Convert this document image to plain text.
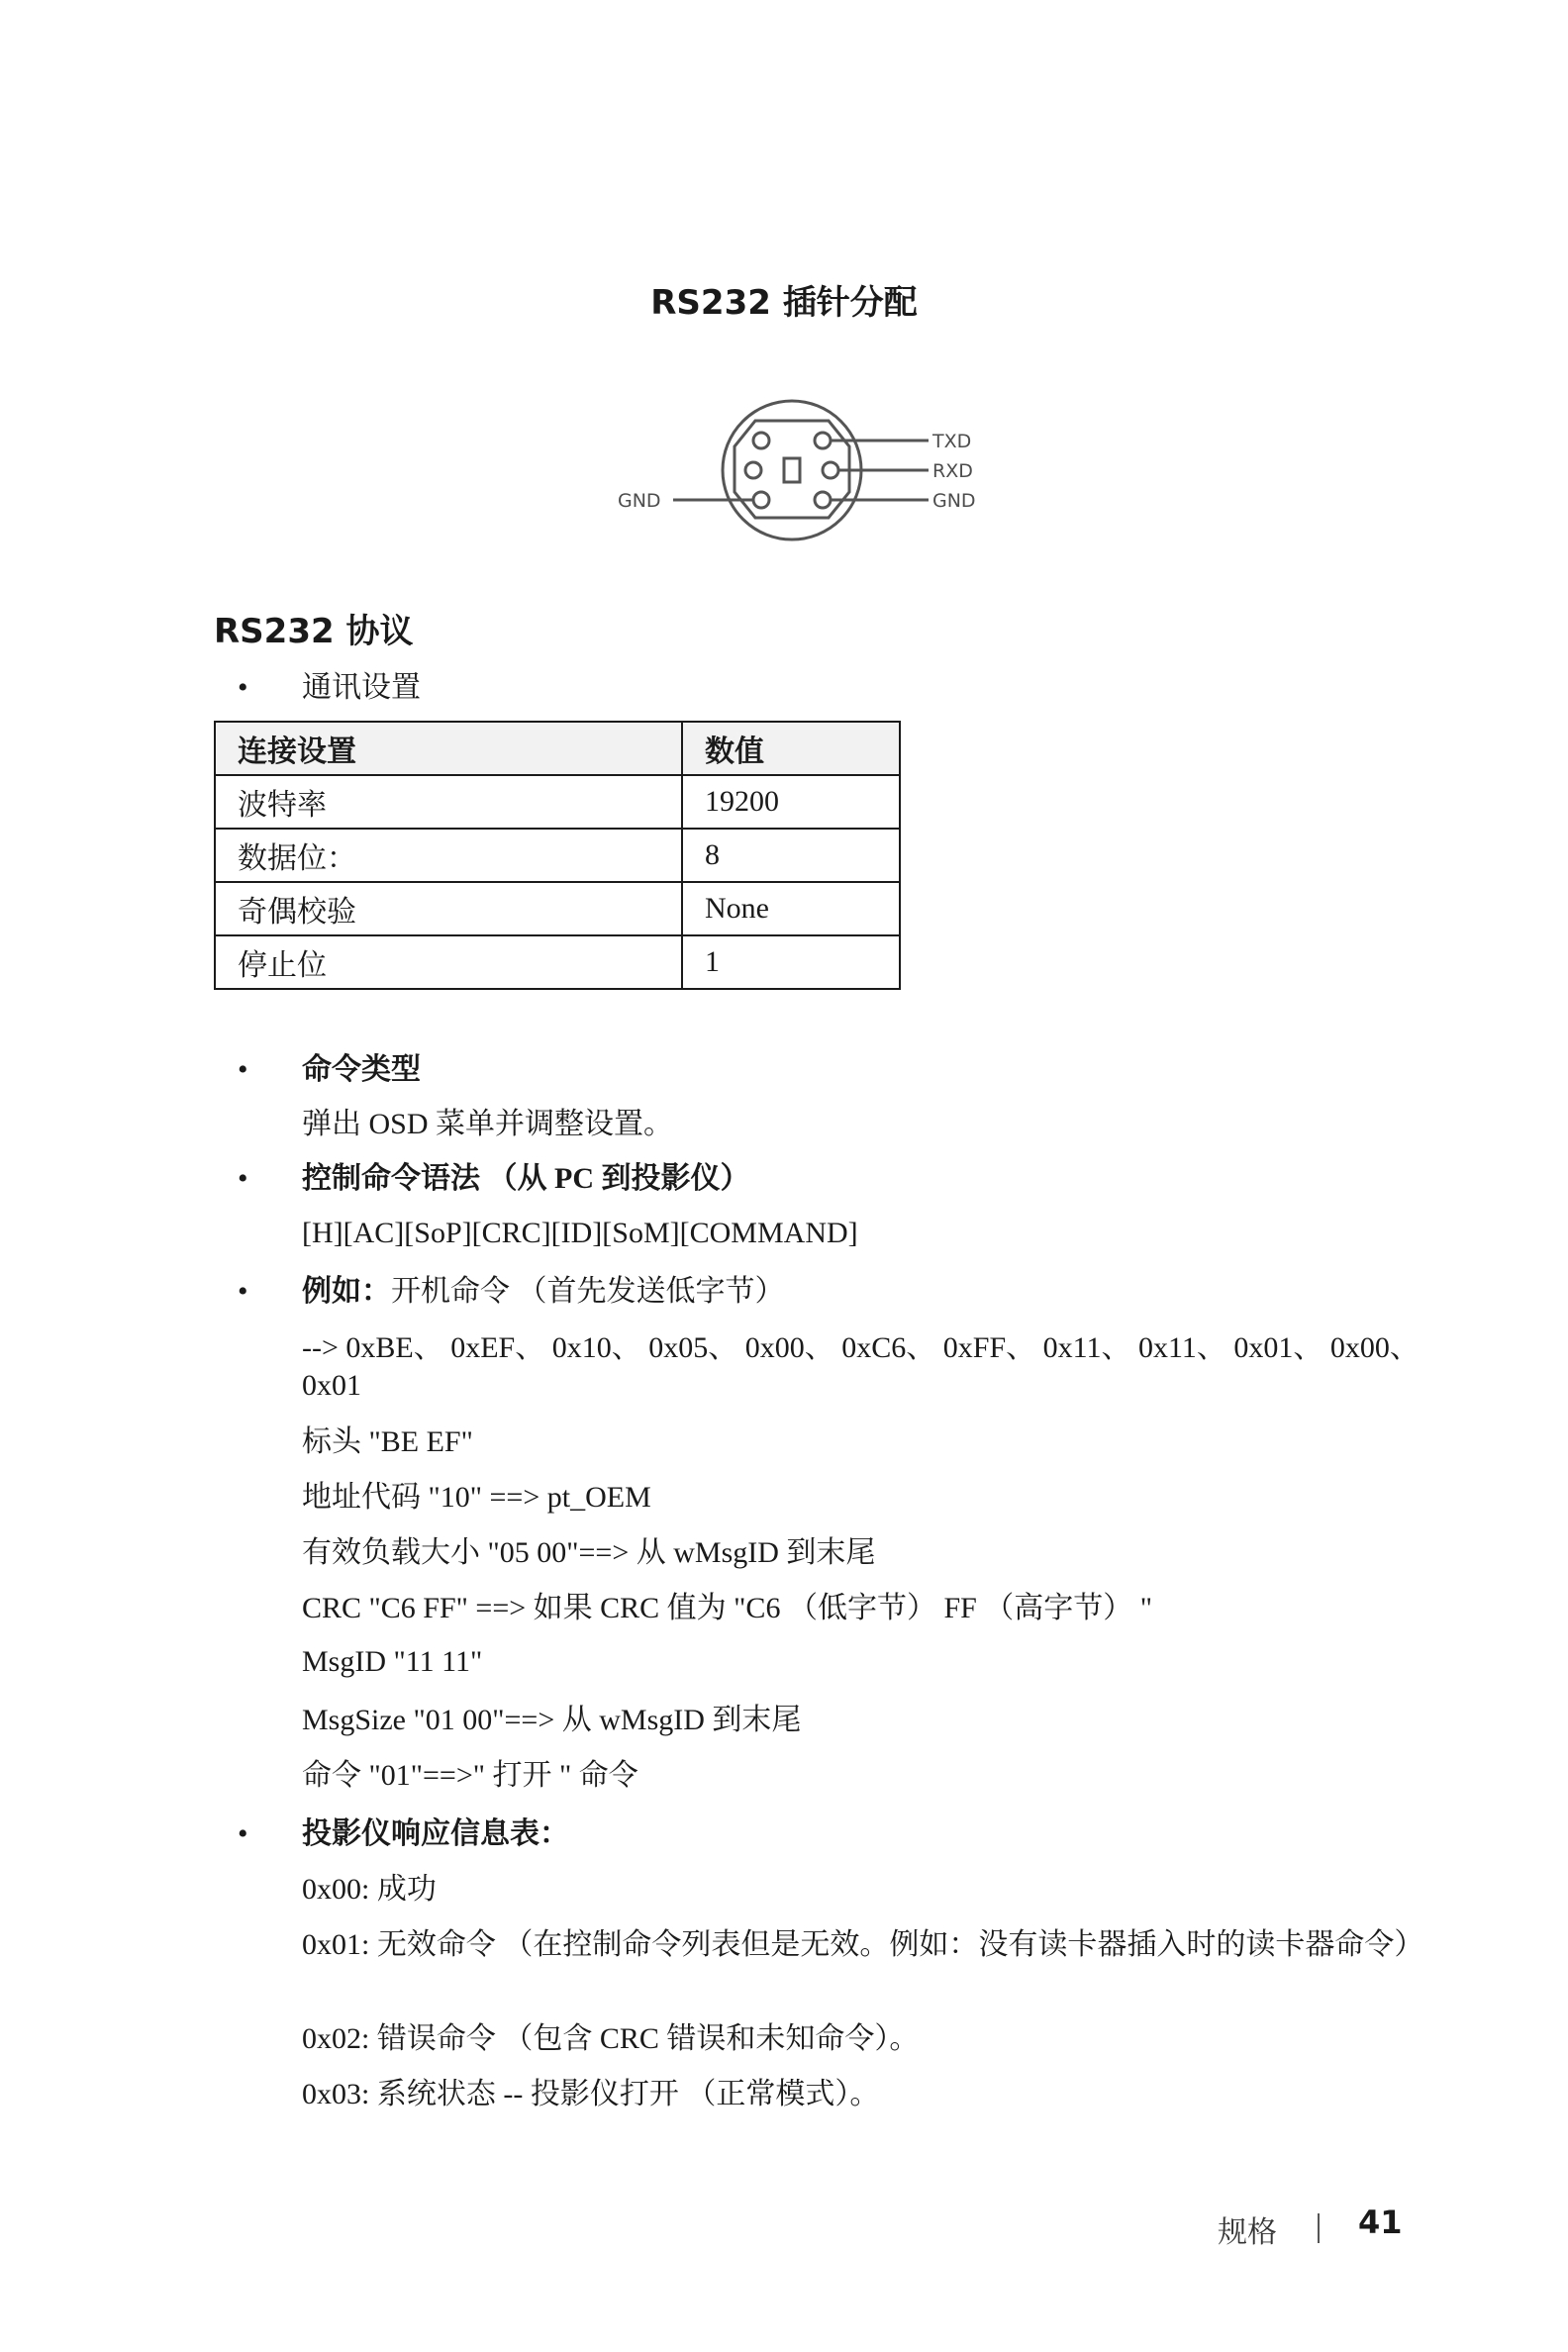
RS232 插针分配
TXD
RXD
GND
GND
RS232 协议
• 通讯设置
连接设置	数值
波特率	19200
数据位：	8
奇偶校验	None
停止位	1
• 命令类型
弹出 OSD 菜单并调整设置。
• 控制命令语法 （从 PC 到投影仪）
[H][AC][SoP][CRC][ID][SoM][COMMAND]
• 例如：开机命令 （首先发送低字节）
--> 0xBE、 0xEF、 0x10、 0x05、 0x00、 0xC6、 0xFF、 0x11、 0x11、 0x01、 0x00、 0x01
标头 "BE EF"
地址代码 "10" ==> pt_OEM
有效负载大小 "05 00"==> 从 wMsgID 到末尾
CRC "C6 FF" ==> 如果 CRC 值为 "C6 （低字节） FF （高字节） "
MsgID "11 11"
MsgSize "01 00"==> 从 wMsgID 到末尾
命令 "01"==>" 打开 " 命令
• 投影仪响应信息表：
0x00: 成功
0x01: 无效命令 （在控制命令列表但是无效。例如：没有读卡器插入时的读卡器命令）
0x02: 错误命令 （包含 CRC 错误和未知命令）。
0x03: 系统状态 -- 投影仪打开 （正常模式）。
规格	41
